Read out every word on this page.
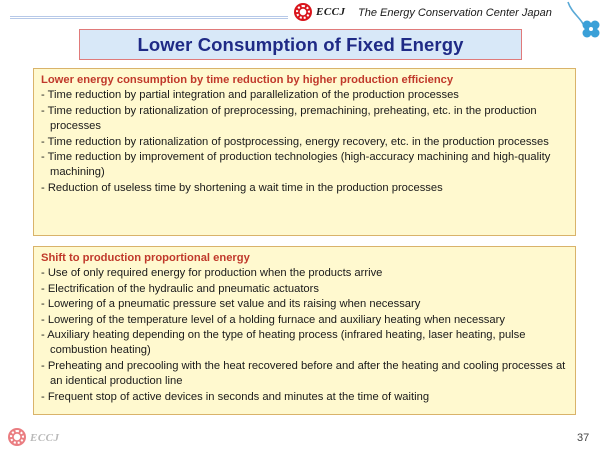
ECCJ The Energy Conservation Center Japan
Lower Consumption of Fixed Energy
Lower energy consumption by time reduction by higher production efficiency
- Time reduction by partial integration and parallelization of the production processes
- Time reduction by rationalization of preprocessing, premachining, preheating, etc. in the production processes
- Time reduction by rationalization of postprocessing, energy recovery, etc. in the production processes
- Time reduction by improvement of production technologies (high-accuracy machining and high-quality machining)
- Reduction of useless time by shortening a wait time in the production processes
Shift to production proportional energy
- Use of only required energy for production when the products arrive
- Electrification of the hydraulic and pneumatic actuators
- Lowering of a pneumatic pressure set value and its raising when necessary
- Lowering of the temperature level of a holding furnace and auxiliary heating when necessary
- Auxiliary heating depending on the type of heating process (infrared heating, laser heating, pulse combustion heating)
- Preheating and precooling with the heat recovered before and after the heating and cooling processes at an identical production line
- Frequent stop of active devices in seconds and minutes at the time of waiting
ECCJ	37
